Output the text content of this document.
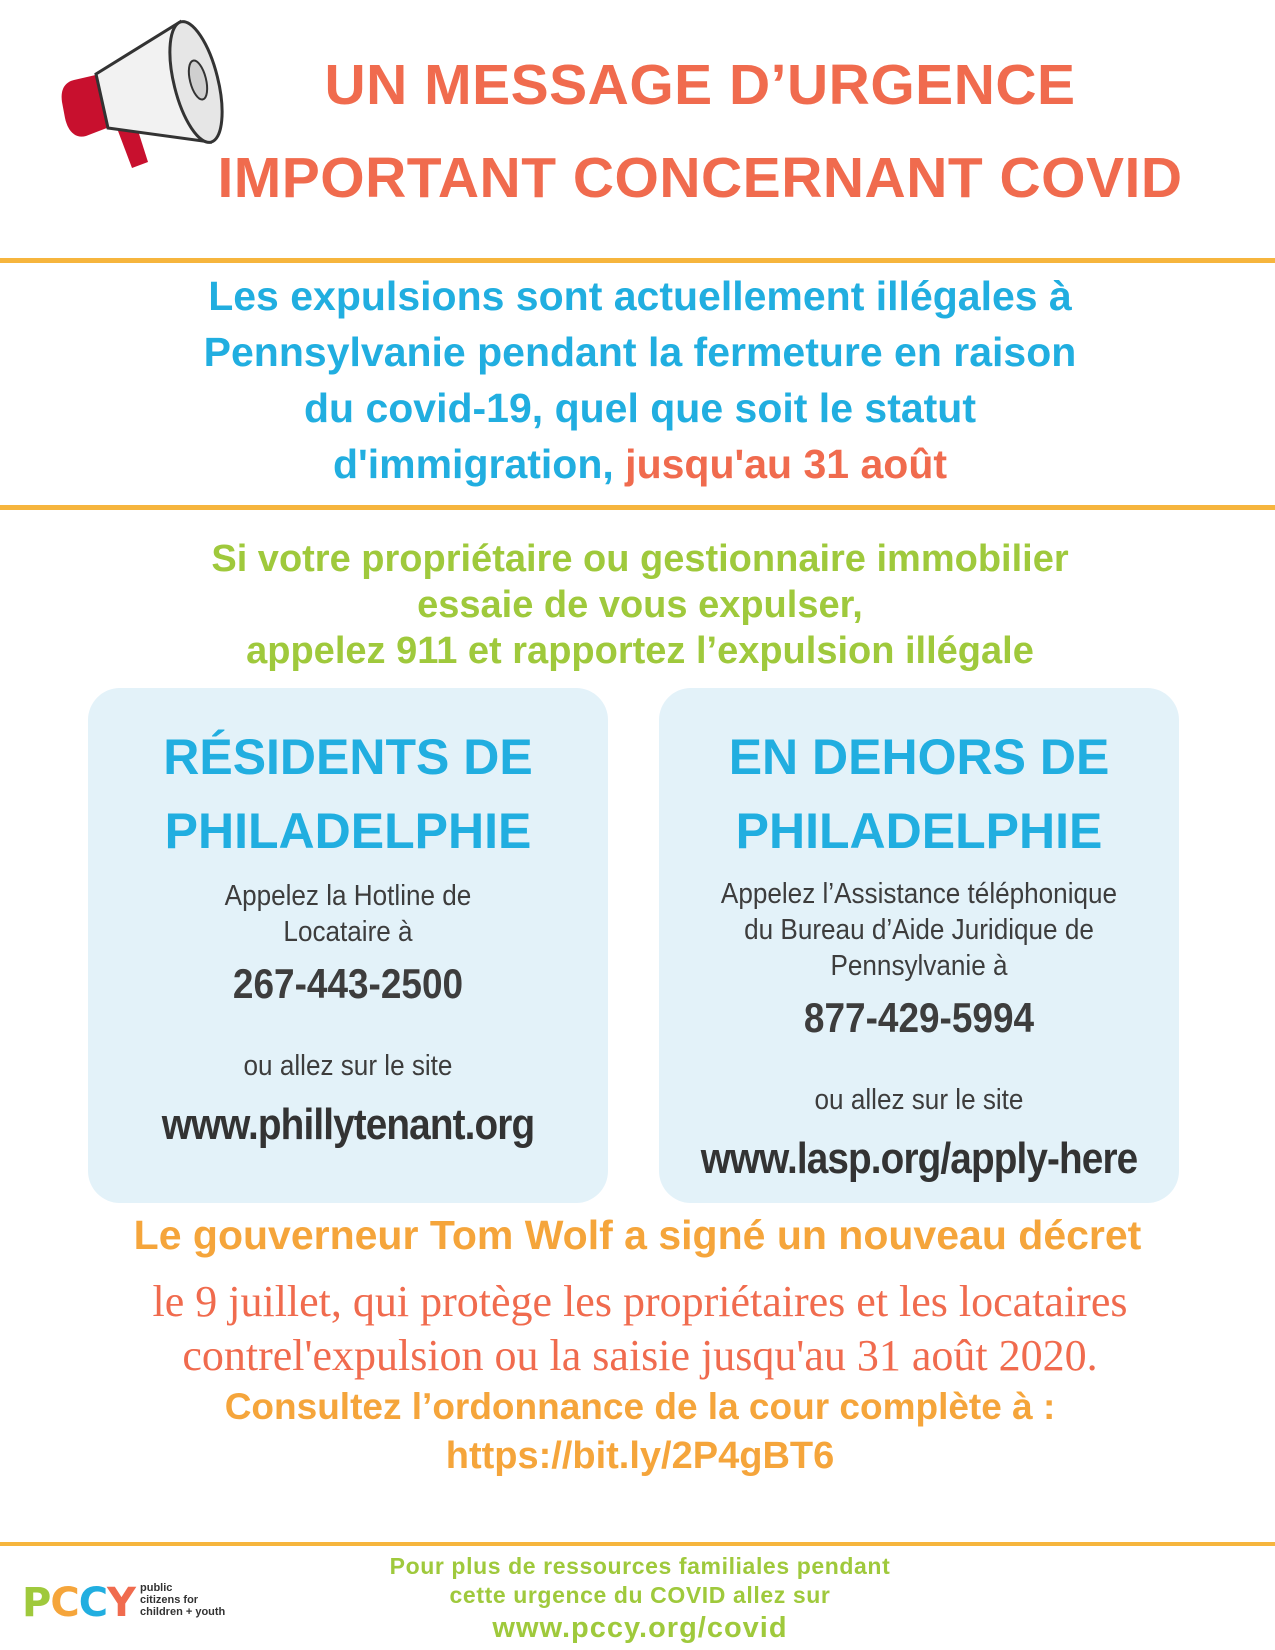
UN MESSAGE D’URGENCE
IMPORTANT CONCERNANT COVID
Les expulsions sont actuellement illégales à
Pennsylvanie pendant la fermeture en raison
du covid-19, quel que soit le statut
d'immigration, jusqu'au 31 août
Si votre propriétaire ou gestionnaire immobilier
essaie de vous expulser,
appelez 911 et rapportez l’expulsion illégale
RÉSIDENTS DE
PHILADELPHIE
Appelez la Hotline de
Locataire à
267-443-2500
ou allez sur le site
www.phillytenant.org
EN DEHORS DE
PHILADELPHIE
Appelez l’Assistance téléphonique
du Bureau d’Aide Juridique de
Pennsylvanie à
877-429-5994
ou allez sur le site
www.lasp.org/apply-here
Le gouverneur Tom Wolf a signé un nouveau décret
le 9 juillet, qui protège les propriétaires et les locataires
contrel'expulsion ou la saisie jusqu'au 31 août 2020.
Consultez l’ordonnance de la cour complète à :
https://bit.ly/2P4gBT6
P C C Y public
citizens for
children + youth
Pour plus de ressources familiales pendant
cette urgence du COVID allez sur
www.pccy.org/covid
